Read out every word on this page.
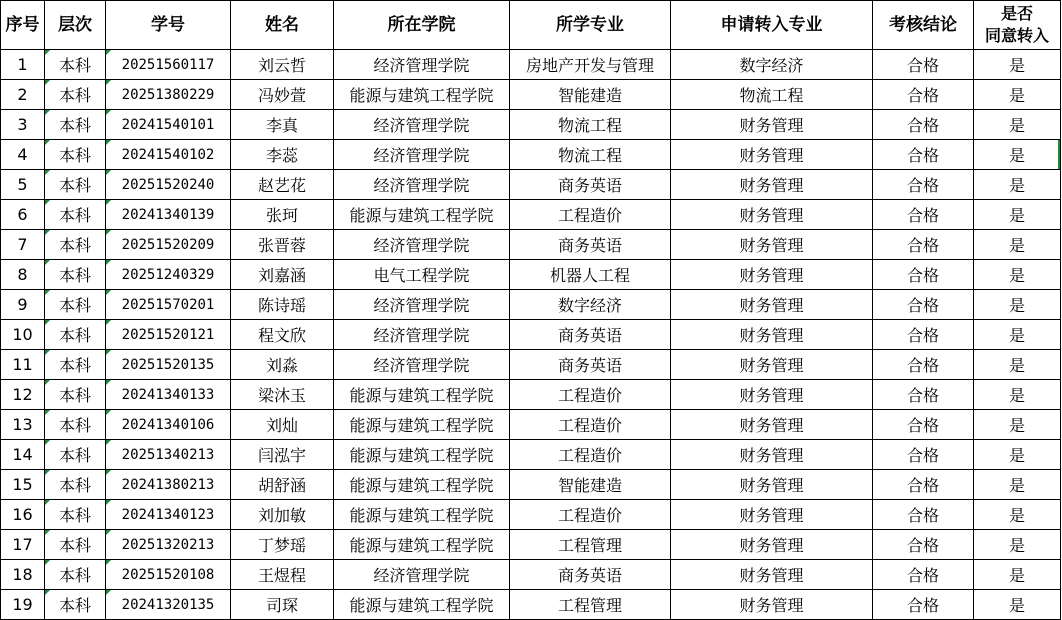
序号	层次	学号	姓名	所在学院	所学专业	申请转入专业	考核结论	是否
同意转入
1	本科	20251560117	刘云哲	经济管理学院	房地产开发与管理	数字经济	合格	是
2	本科	20251380229	冯妙萱	能源与建筑工程学院	智能建造	物流工程	合格	是
3	本科	20241540101	李真	经济管理学院	物流工程	财务管理	合格	是
4	本科	20241540102	李蕊	经济管理学院	物流工程	财务管理	合格	是

5	本科	20251520240	赵艺花	经济管理学院	商务英语	财务管理	合格	是
6	本科	20241340139	张珂	能源与建筑工程学院	工程造价	财务管理	合格	是
7	本科	20251520209	张晋蓉	经济管理学院	商务英语	财务管理	合格	是
8	本科	20251240329	刘嘉涵	电气工程学院	机器人工程	财务管理	合格	是
9	本科	20251570201	陈诗瑶	经济管理学院	数字经济	财务管理	合格	是
10	本科	20251520121	程文欣	经济管理学院	商务英语	财务管理	合格	是
11	本科	20251520135	刘淼	经济管理学院	商务英语	财务管理	合格	是
12	本科	20241340133	梁沐玉	能源与建筑工程学院	工程造价	财务管理	合格	是
13	本科	20241340106	刘灿	能源与建筑工程学院	工程造价	财务管理	合格	是
14	本科	20251340213	闫泓宇	能源与建筑工程学院	工程造价	财务管理	合格	是
15	本科	20241380213	胡舒涵	能源与建筑工程学院	智能建造	财务管理	合格	是
16	本科	20241340123	刘加敏	能源与建筑工程学院	工程造价	财务管理	合格	是
17	本科	20251320213	丁梦瑶	能源与建筑工程学院	工程管理	财务管理	合格	是
18	本科	20251520108	王煜程	经济管理学院	商务英语	财务管理	合格	是
19	本科	20241320135	司琛	能源与建筑工程学院	工程管理	财务管理	合格	是
